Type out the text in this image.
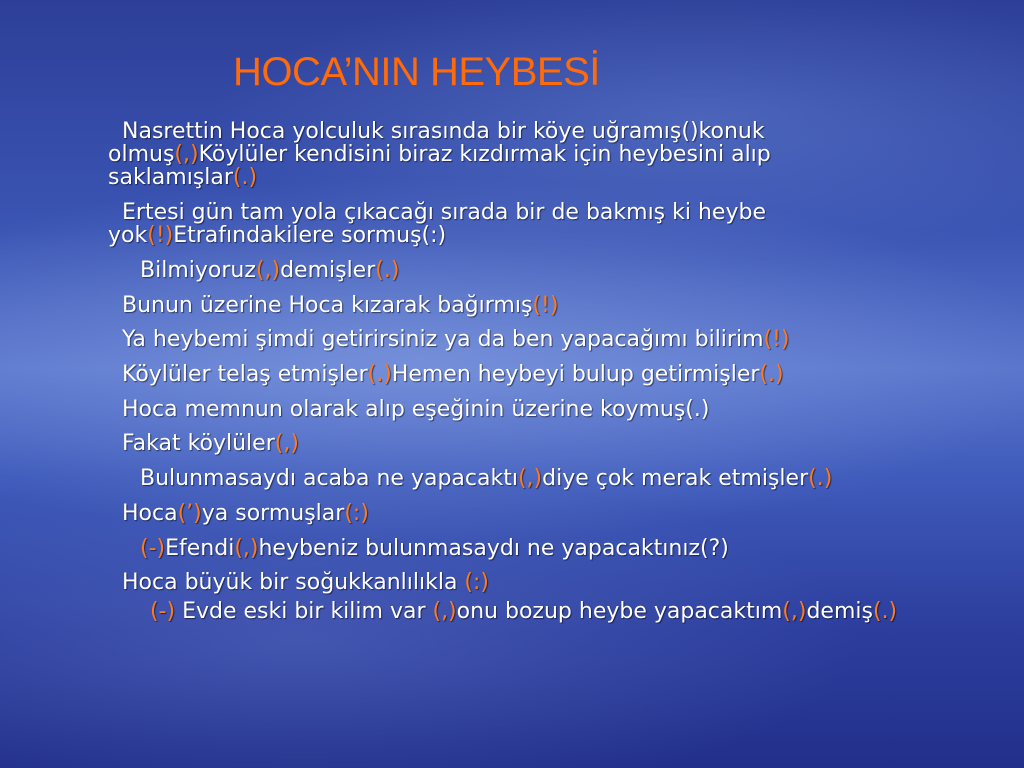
HOCA’NIN HEYBESİ

Nasrettin Hoca yolculuk sırasında bir köye uğramış()konuk olmuş(,)Köylüler kendisini biraz kızdırmak için heybesini alıp saklamışlar(.)

Ertesi gün tam yola çıkacağı sırada bir de bakmış ki heybe yok(!)Etrafındakilere sormuş(:)

Bilmiyoruz(,)demişler(.)
Bunun üzerine Hoca kızarak bağırmış(!)
Ya heybemi şimdi getirirsiniz ya da ben yapacağımı bilirim(!)
Köylüler telaş etmişler(.)Hemen heybeyi bulup getirmişler(.)
Hoca memnun olarak alıp eşeğinin üzerine koymuş(.)
Fakat köylüler(,)
Bulunmasaydı acaba ne yapacaktı(,)diye çok merak etmişler(.)
Hoca(’)ya sormuşlar(:)
(-)Efendi(,)heybeniz bulunmasaydı ne yapacaktınız(?)
Hoca büyük bir soğukkanlılıkla (:)

(-) Evde eski bir kilim var (,)onu bozup heybe yapacaktım(,)demiş(.)
